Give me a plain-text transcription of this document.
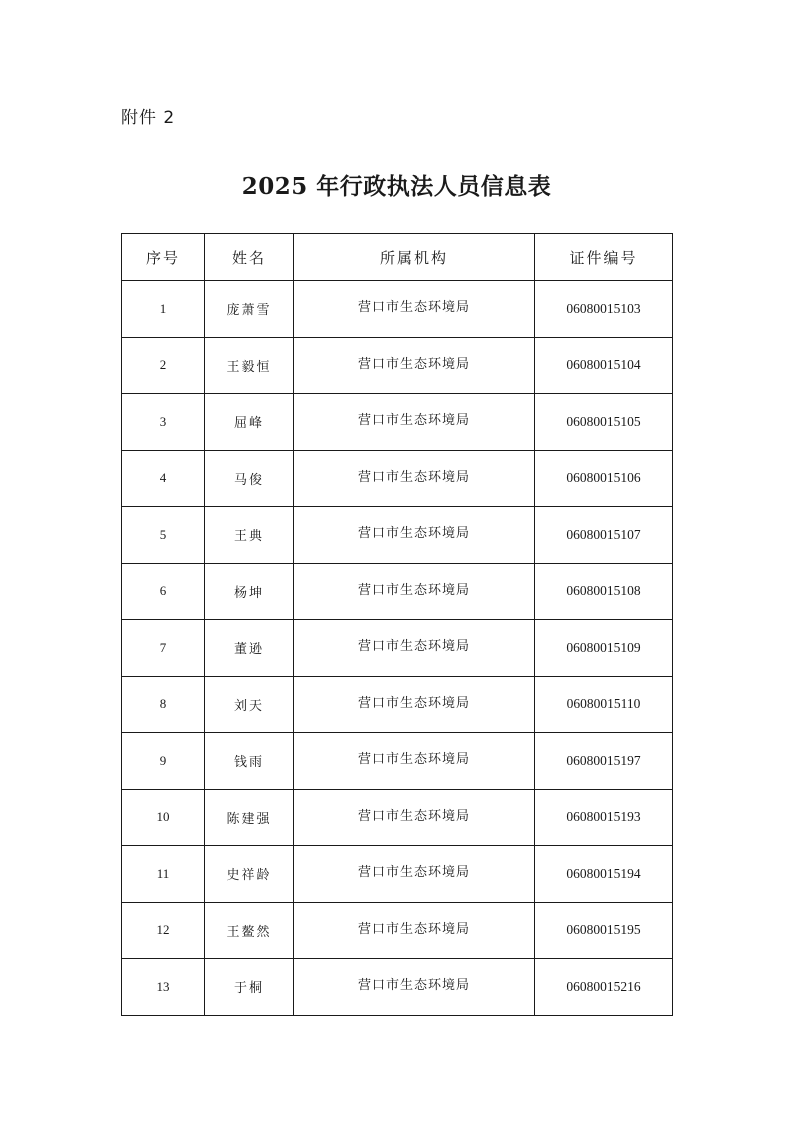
附件 2
2025 年行政执法人员信息表
序号	姓名	所属机构	证件编号
1	庞萧雪	营口市生态环境局	06080015103
2	王毅恒	营口市生态环境局	06080015104
3	屈峰	营口市生态环境局	06080015105
4	马俊	营口市生态环境局	06080015106
5	王典	营口市生态环境局	06080015107
6	杨坤	营口市生态环境局	06080015108
7	董逊	营口市生态环境局	06080015109
8	刘天	营口市生态环境局	06080015110
9	钱雨	营口市生态环境局	06080015197
10	陈建强	营口市生态环境局	06080015193
11	史祥龄	营口市生态环境局	06080015194
12	王鳌然	营口市生态环境局	06080015195
13	于桐	营口市生态环境局	06080015216
